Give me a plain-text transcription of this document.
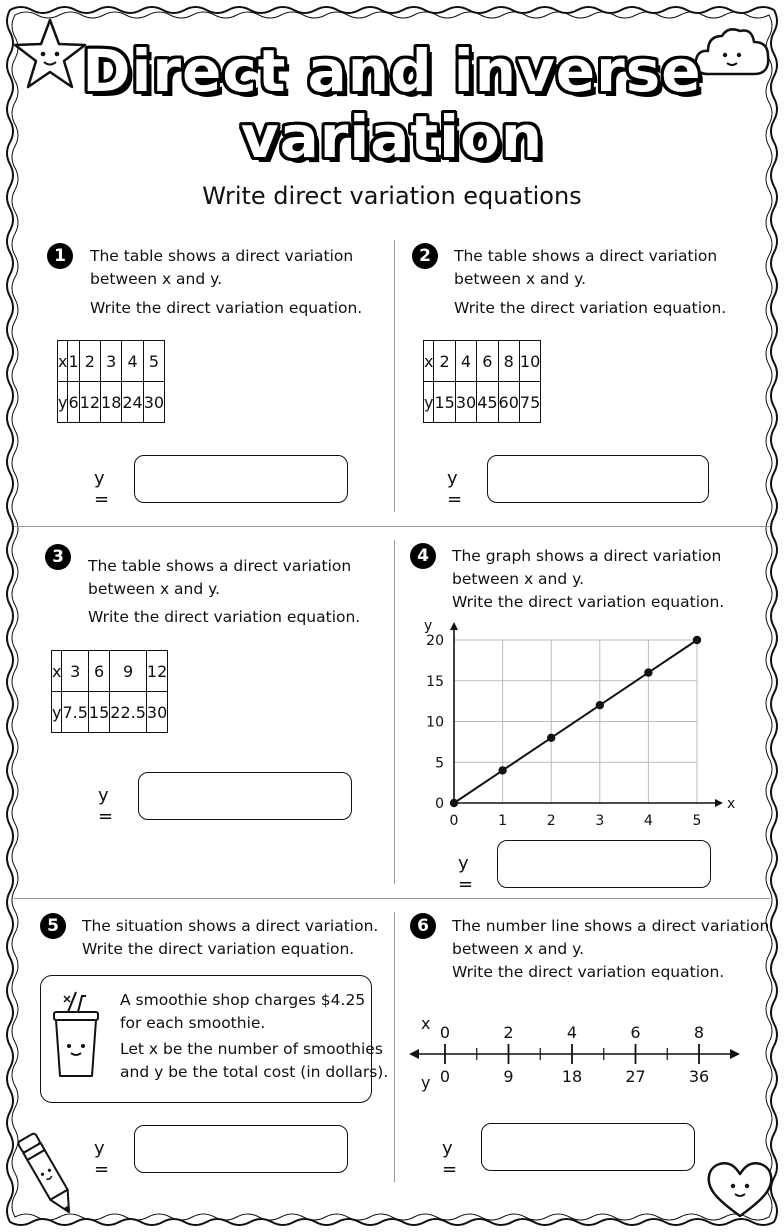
Direct and inverse
variation
Write direct variation equations
1	The table shows a direct variation
between x and y.
Write the direct variation equation.
x	1	2	3	4	5
y	6	12	18	24	30
y =
2	The table shows a direct variation
between x and y.
Write the direct variation equation.
x	2	4	6	8	10
y	15	30	45	60	75
y =
3	The table shows a direct variation
between x and y.
Write the direct variation equation.
x	3	6	9	12
y	7.5	15	22.5	30
y =
4	The graph shows a direct variation
between x and y.
Write the direct variation equation.
x
y
0	1	2	3	4	5
0
5
10
15
20
y =
5	The situation shows a direct variation.
Write the direct variation equation.
A smoothie shop charges $4.25
for each smoothie.
Let x be the number of smoothies
and y be the total cost (in dollars).
y =
6	The number line shows a direct variation
between x and y.
Write the direct variation equation.
x
y
0	2	4	6	8
0	9	18	27	36
y =
